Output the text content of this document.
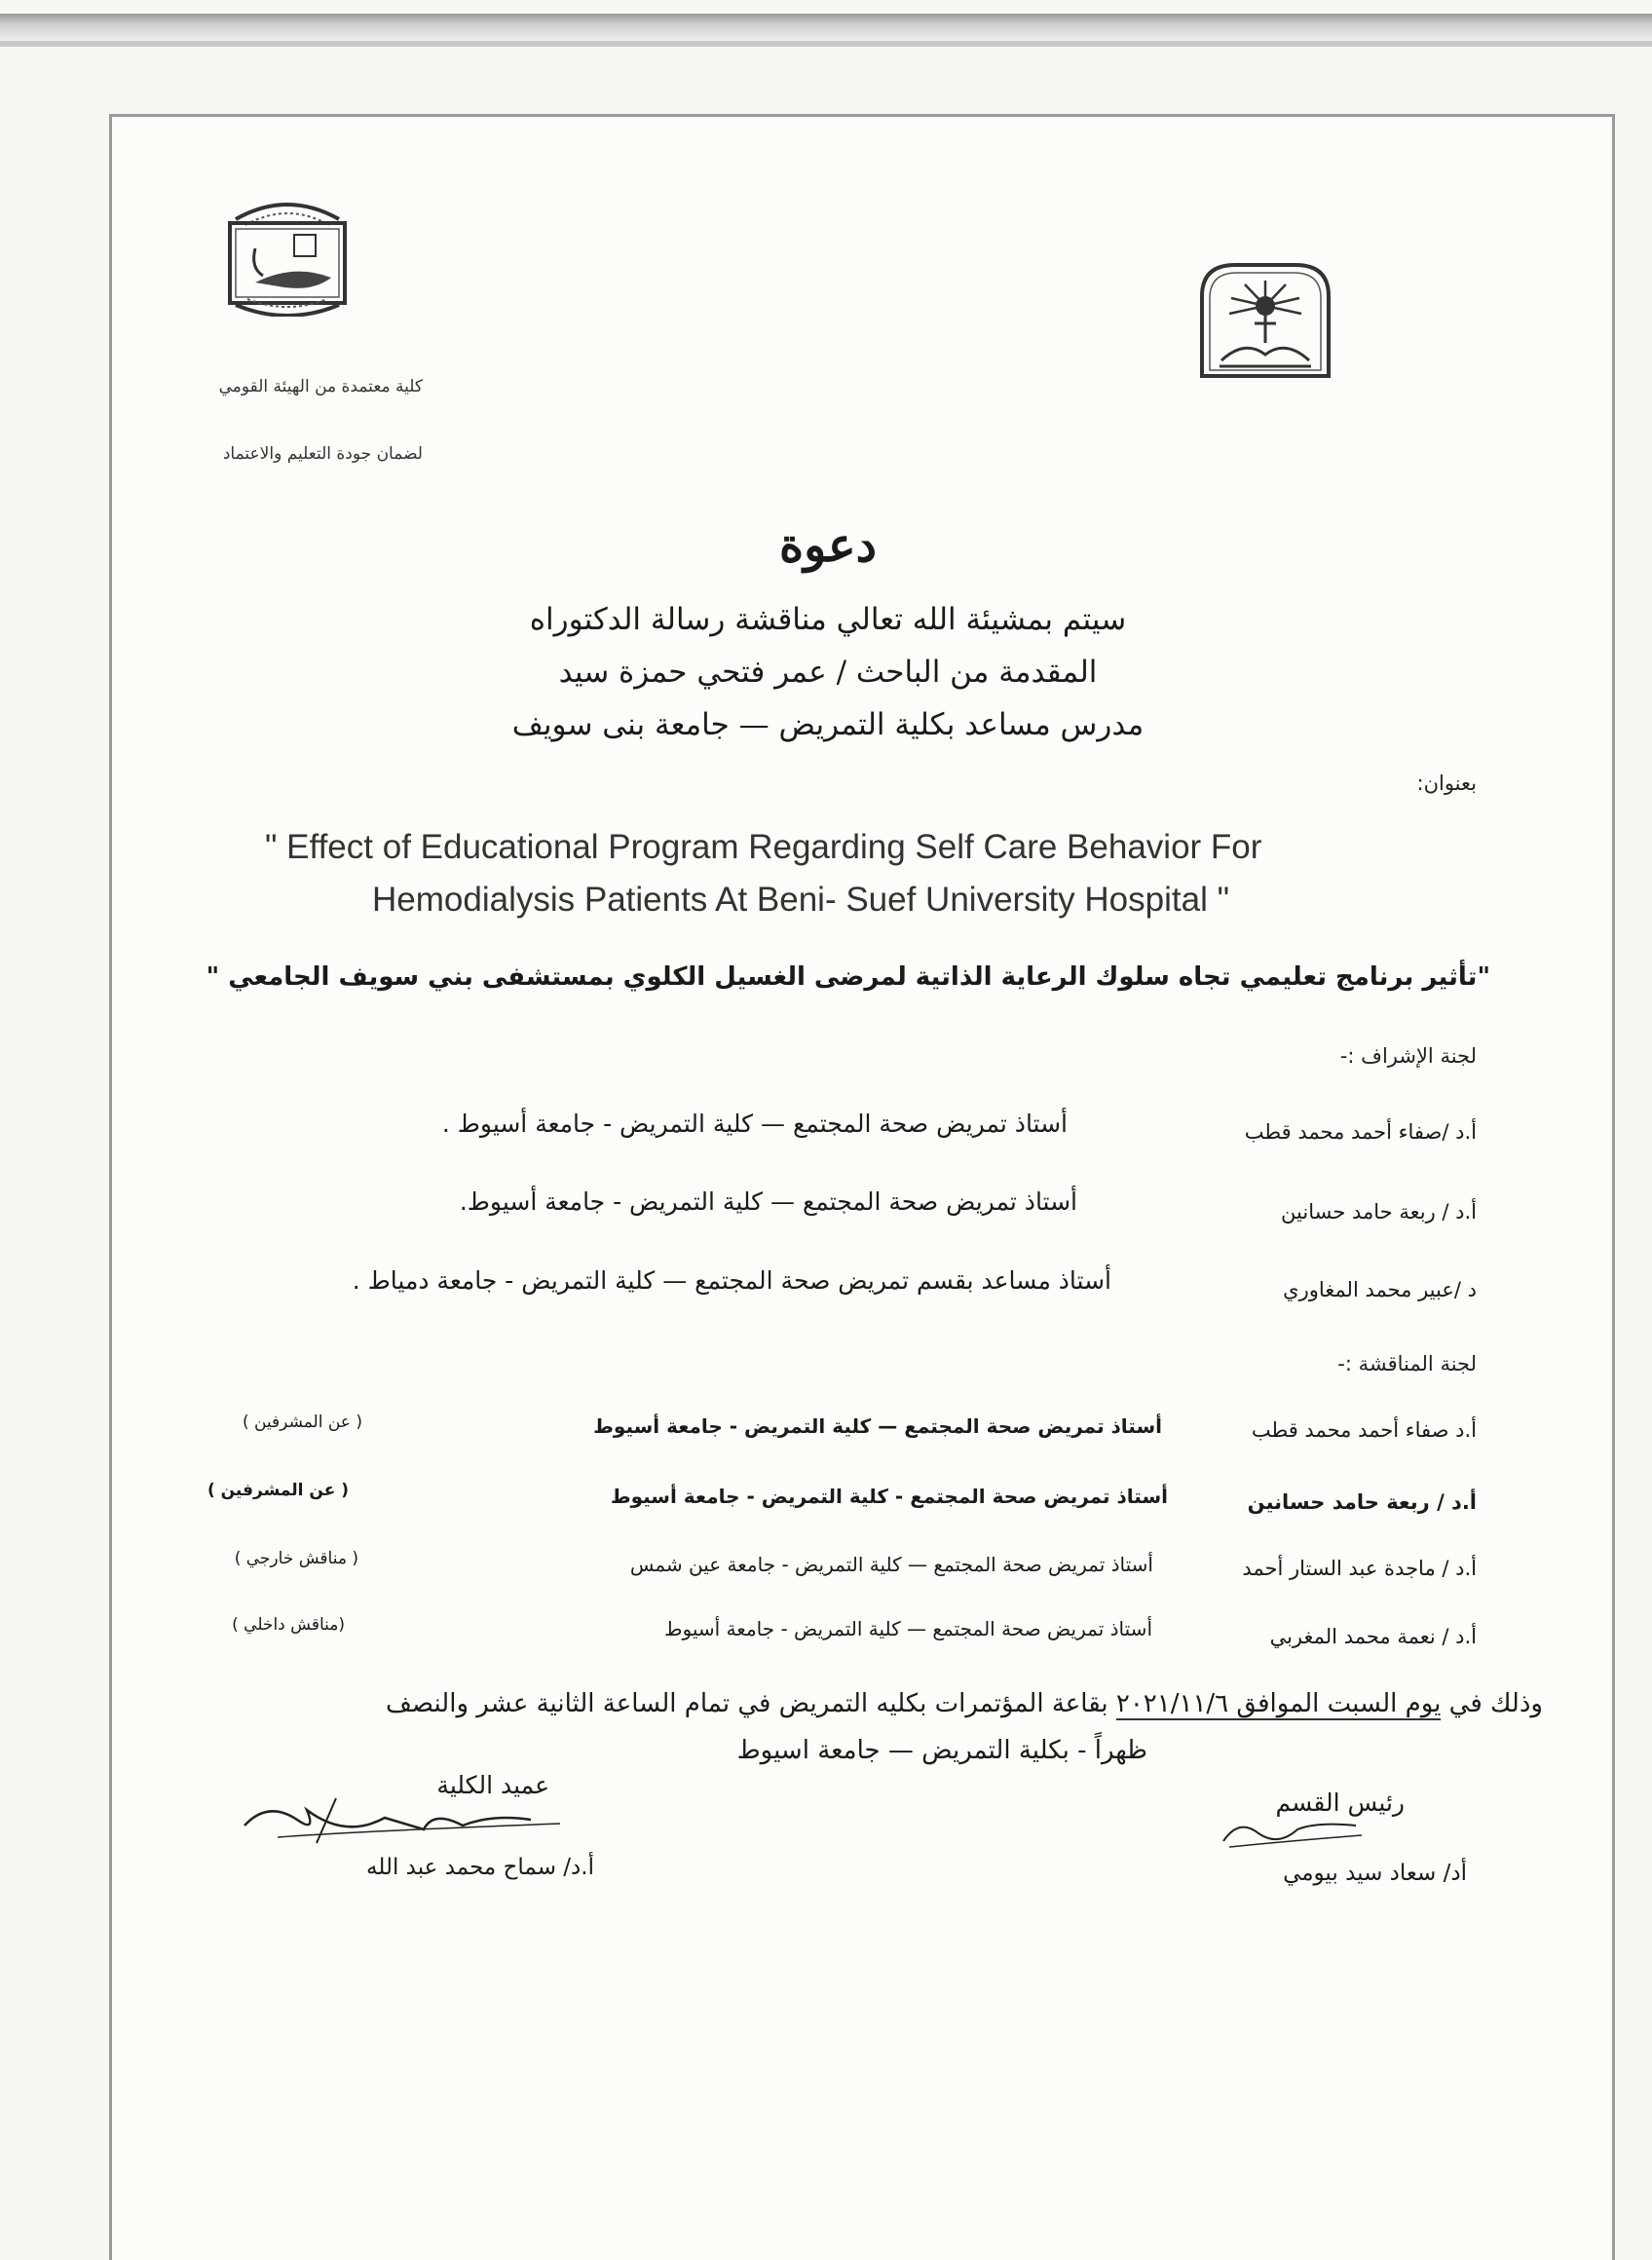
كلية معتمدة من الهيئة القومي
لضمان جودة التعليم والاعتماد
دعوة
سيتم بمشيئة الله تعالي مناقشة رسالة الدكتوراه
المقدمة من الباحث / عمر فتحي حمزة سيد
مدرس مساعد بكلية التمريض — جامعة بنى سويف
بعنوان:
" Effect of Educational Program Regarding Self Care Behavior For
Hemodialysis Patients At Beni- Suef University Hospital "
"تأثير برنامج تعليمي تجاه سلوك الرعاية الذاتية لمرضى الغسيل الكلوي بمستشفى بني سويف الجامعي "
لجنة الإشراف :-
أ.د /صفاء أحمد محمد قطب
أستاذ تمريض صحة المجتمع — كلية التمريض - جامعة أسيوط .
أ.د / ربعة حامد حسانين
أستاذ تمريض صحة المجتمع — كلية التمريض - جامعة أسيوط.
د /عبير محمد المغاوري
أستاذ مساعد بقسم تمريض صحة المجتمع — كلية التمريض - جامعة دمياط .
لجنة المناقشة :-
أ.د صفاء أحمد محمد قطب
أستاذ تمريض صحة المجتمع — كلية التمريض - جامعة أسيوط
( عن المشرفين )
أ.د / ربعة حامد حسانين
أستاذ تمريض صحة المجتمع - كلية التمريض - جامعة أسيوط
( عن المشرفين )
أ.د / ماجدة عبد الستار أحمد
أستاذ تمريض صحة المجتمع — كلية التمريض - جامعة عين شمس
( مناقش خارجي )
أ.د / نعمة محمد المغربي
أستاذ تمريض صحة المجتمع — كلية التمريض - جامعة أسيوط
(مناقش داخلي )
وذلك في يوم السبت الموافق ٢٠٢١/١١/٦ بقاعة المؤتمرات بكليه التمريض في تمام الساعة الثانية عشر والنصف
ظهراً - بكلية التمريض — جامعة اسيوط
عميد الكلية
أ.د/ سماح محمد عبد الله
رئيس القسم
أد/ سعاد سيد بيومي
